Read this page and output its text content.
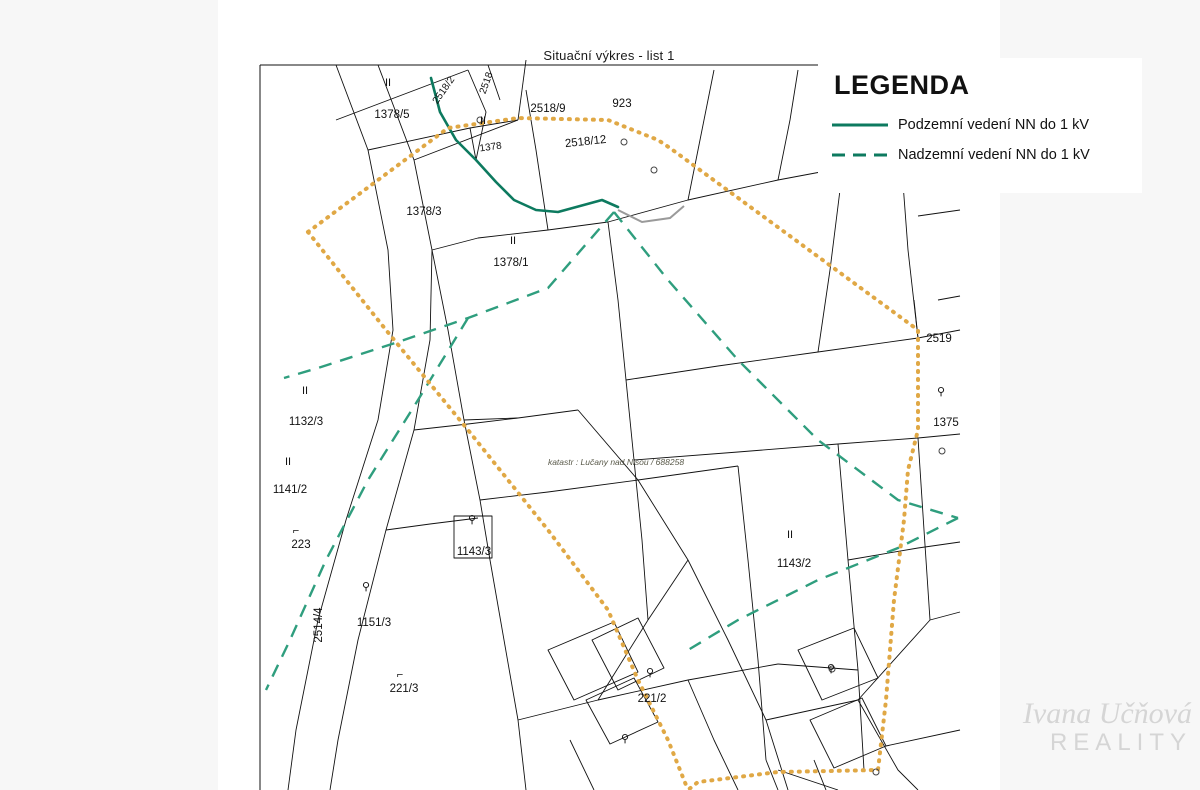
Situační výkres - list 1
1378/5	2518/9	923
2518/12
1378/3
1378/1
1132/3
1141/2
223
2514/4	1151/3
221/3
1143/3
1143/2
2519
1375
221/2
2518/2 2518
1378
katastr : Lučany nad Nisou / 688258
II
II
II
II
II
II
⌐
⌐
⚲
⚲
⚲
⚲
⚲
⚲
LEGENDA
Podzemní vedení NN do 1 kV
Nadzemní vedení NN do 1 kV
Ivana Učňová
REALITY
